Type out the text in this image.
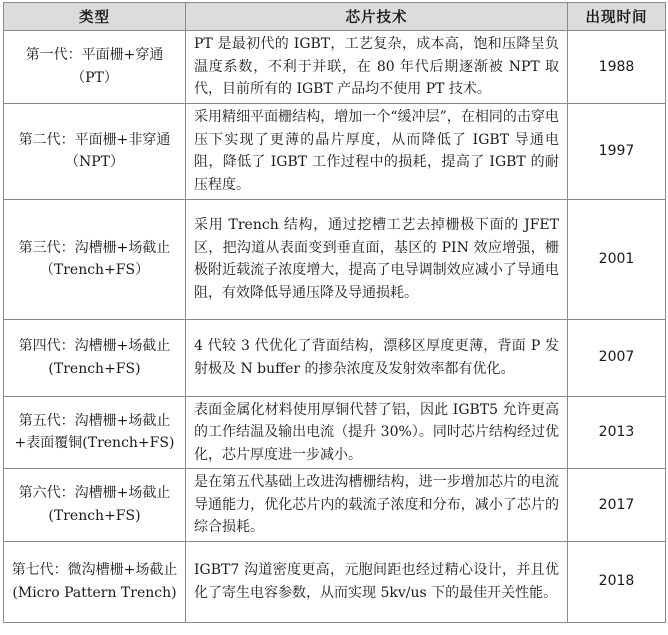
类型	芯片技术	出现时间
第一代：平面栅+穿通（PT）	PT 是最初代的 IGBT，工艺复杂，成本高，饱和压降呈负温度系数，不利于并联，在 80 年代后期逐渐被 NPT 取代，目前所有的 IGBT 产品均不使用 PT 技术。	1988
第二代：平面栅+非穿通（NPT）	采用精细平面栅结构，增加一个“缓冲层”，在相同的击穿电压下实现了更薄的晶片厚度，从而降低了 IGBT 导通电阻，降低了 IGBT 工作过程中的损耗，提高了 IGBT 的耐压程度。	1997
第三代：沟槽栅+场截止（Trench+FS）	采用 Trench 结构，通过挖槽工艺去掉栅极下面的 JFET 区，把沟道从表面变到垂直面，基区的 PIN 效应增强，栅极附近载流子浓度增大，提高了电导调制效应减小了导通电阻，有效降低导通压降及导通损耗。	2001
第四代：沟槽栅+场截止(Trench+FS)	4 代较 3 代优化了背面结构，漂移区厚度更薄，背面 P 发射极及 N buffer 的掺杂浓度及发射效率都有优化。	2007
第五代：沟槽栅+场截止+表面覆铜(Trench+FS)	表面金属化材料使用厚铜代替了铝，因此 IGBT5 允许更高的工作结温及输出电流（提升 30%）。同时芯片结构经过优化，芯片厚度进一步减小。	2013
第六代：沟槽栅+场截止(Trench+FS)	是在第五代基础上改进沟槽栅结构，进一步增加芯片的电流导通能力，优化芯片内的载流子浓度和分布，减小了芯片的综合损耗。	2017
第七代：微沟槽栅+场截止(Micro Pattern Trench)	IGBT7 沟道密度更高，元胞间距也经过精心设计，并且优化了寄生电容参数，从而实现 5kv/us 下的最佳开关性能。	2018
